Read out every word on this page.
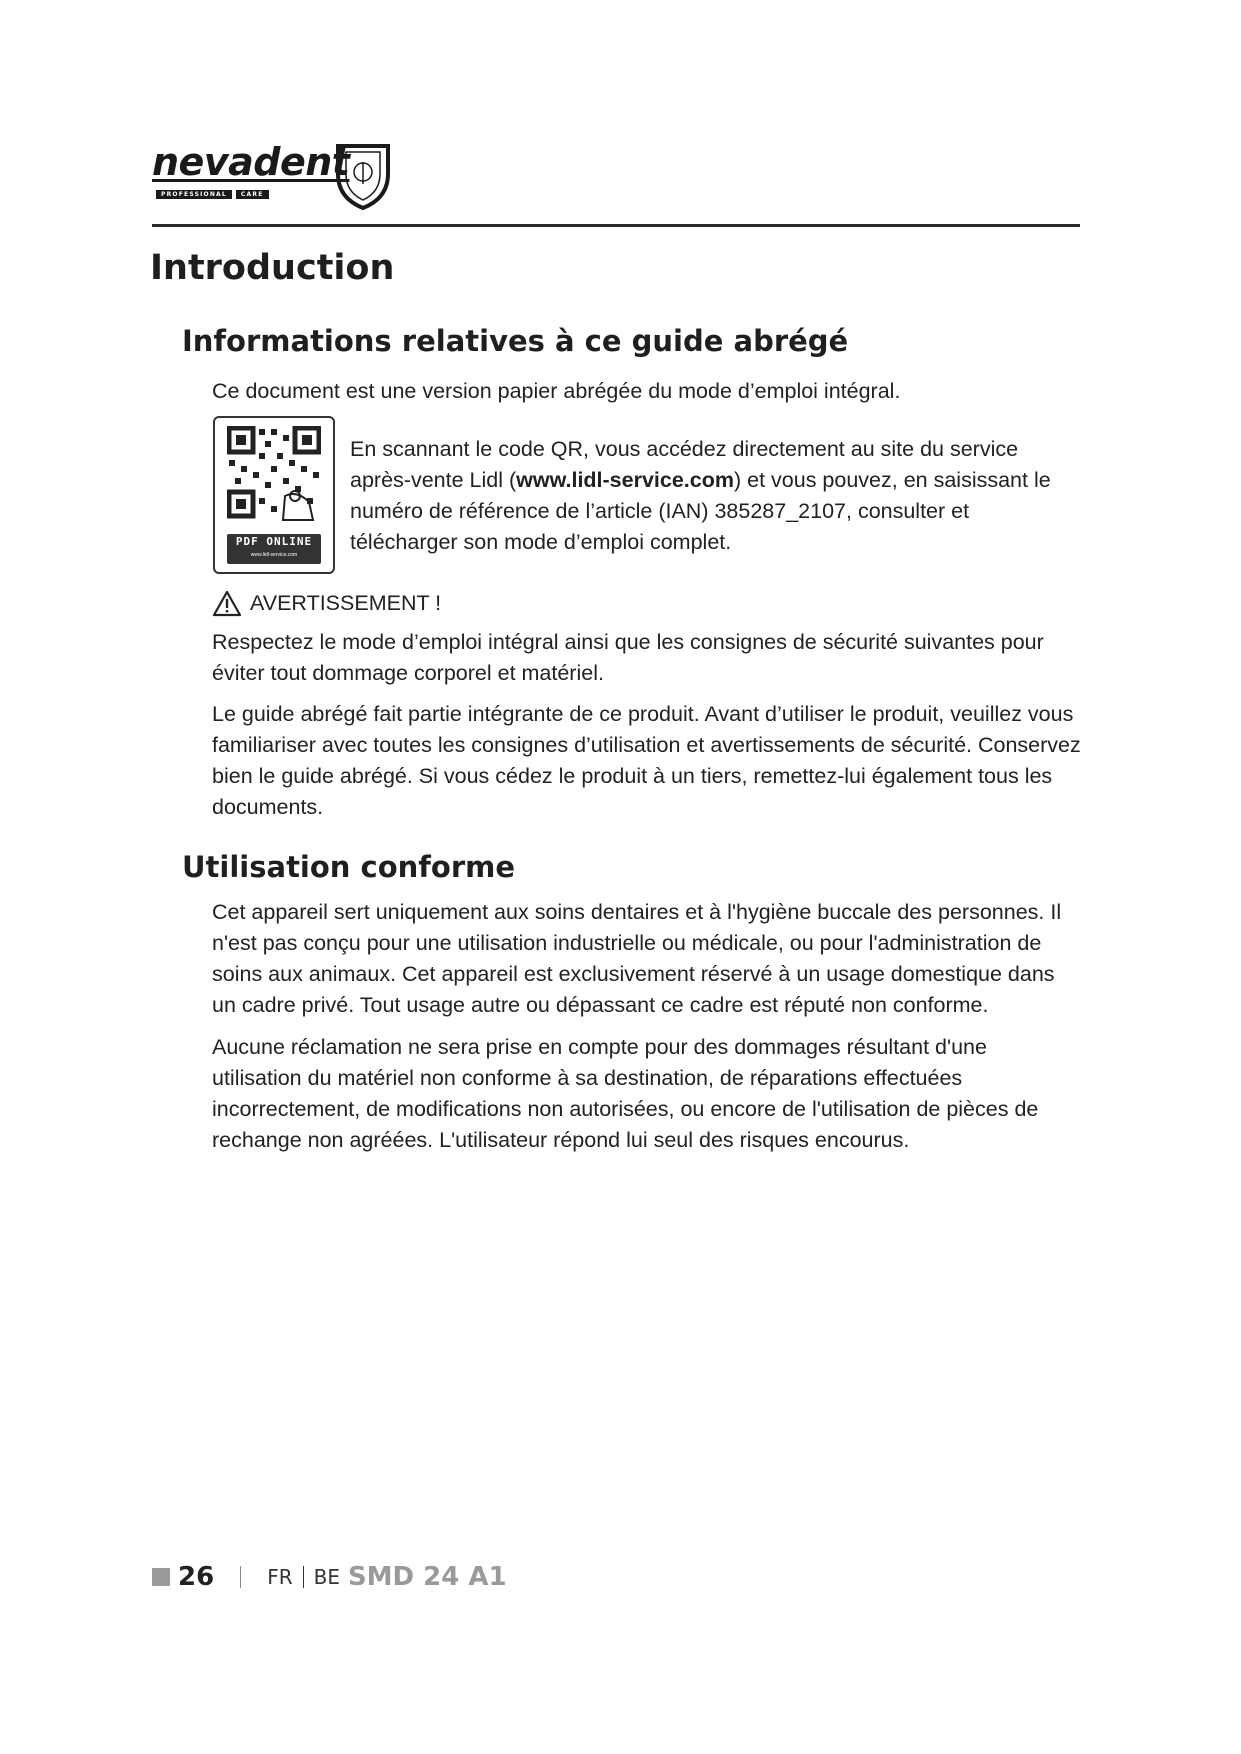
nevadent
PROFESSIONAL	CARE
Introduction
Informations relatives à ce guide abrégé

Ce document est une version papier abrégée du mode d’emploi intégral.

PDF ONLINE
www.lidl-service.com

En scannant le code QR, vous accédez directement au site du service après-vente Lidl (www.lidl-service.com) et vous pouvez, en saisissant le numéro de référence de l’article (IAN) 385287_2107, consulter et télécharger son mode d’emploi complet.

AVERTISSEMENT !

Respectez le mode d’emploi intégral ainsi que les consignes de sécurité suivantes pour éviter tout dommage corporel et matériel.

Le guide abrégé fait partie intégrante de ce produit. Avant d’utiliser le produit, veuillez vous familiariser avec toutes les consignes d’utilisation et avertissements de sécurité. Conservez bien le guide abrégé. Si vous cédez le produit à un tiers, remettez-lui également tous les documents.

Utilisation conforme

Cet appareil sert uniquement aux soins dentaires et à l'hygiène buccale des personnes. Il n'est pas conçu pour une utilisation industrielle ou médicale, ou pour l'administration de soins aux animaux. Cet appareil est exclusivement réservé à un usage domestique dans un cadre privé. Tout usage autre ou dépassant ce cadre est réputé non conforme.

Aucune réclamation ne sera prise en compte pour des dommages résultant d'une utilisation du matériel non conforme à sa destination, de réparations effectuées incorrectement, de modifications non autorisées, ou encore de l'utilisation de pièces de rechange non agréées. L'utilisateur répond lui seul des risques encourus.

26	FR BE SMD 24 A1
